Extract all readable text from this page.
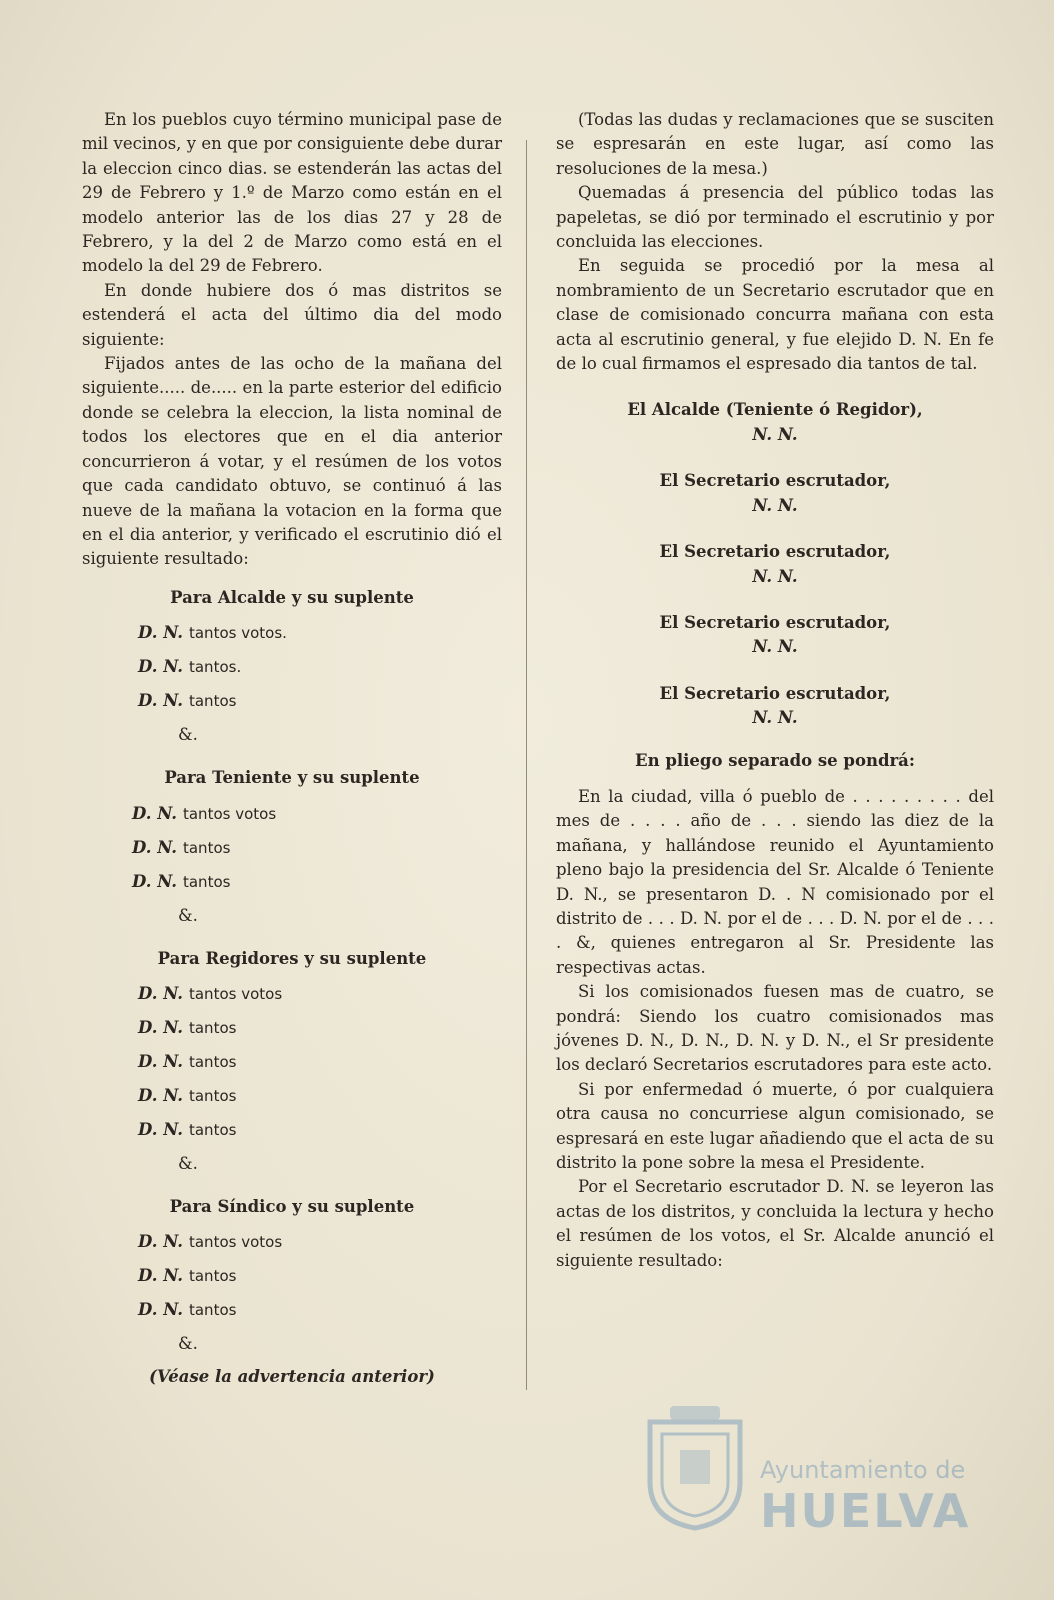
En los pueblos cuyo término municipal pase de mil vecinos, y en que por consiguiente debe durar la eleccion cinco dias. se estenderán las actas del 29 de Febrero y 1.º de Marzo como están en el modelo anterior las de los dias 27 y 28 de Febrero, y la del 2 de Marzo como está en el modelo la del 29 de Febrero.

En donde hubiere dos ó mas distritos se estenderá el acta del último dia del modo siguiente:

Fijados antes de las ocho de la mañana del siguiente..... de..... en la parte esterior del edificio donde se celebra la eleccion, la lista nominal de todos los electores que en el dia anterior concurrieron á votar, y el resúmen de los votos que cada candidato obtuvo, se continuó á las nueve de la mañana la votacion en la forma que en el dia anterior, y verificado el escrutinio dió el siguiente resultado:

Para Alcalde y su suplente
D. N. tantos votos.
D. N. tantos.
D. N. tantos
&.
Para Teniente y su suplente
D. N. tantos votos
D. N. tantos
D. N. tantos
&.
Para Regidores y su suplente
D. N. tantos votos
D. N. tantos
D. N. tantos
D. N. tantos
D. N. tantos
&.
Para Síndico y su suplente
D. N. tantos votos
D. N. tantos
D. N. tantos
&.

(Véase la advertencia anterior)

(Todas las dudas y reclamaciones que se susciten se espresarán en este lugar, así como las resoluciones de la mesa.)

Quemadas á presencia del público todas las papeletas, se dió por terminado el escrutinio y por concluida las elecciones.

En seguida se procedió por la mesa al nombramiento de un Secretario escrutador que en clase de comisionado concurra mañana con esta acta al escrutinio general, y fue elejido D. N. En fe de lo cual firmamos el espresado dia tantos de tal.

El Alcalde (Teniente ó Regidor),

N. N.

El Secretario escrutador,

N. N.

El Secretario escrutador,

N. N.

El Secretario escrutador,

N. N.

El Secretario escrutador,

N. N.

En pliego separado se pondrá:

En la ciudad, villa ó pueblo de . . . . . . . . . del mes de . . . . año de . . . siendo las diez de la mañana, y hallándose reunido el Ayuntamiento pleno bajo la presidencia del Sr. Alcalde ó Teniente D. N., se presentaron D. . N comisionado por el distrito de . . . D. N. por el de . . . D. N. por el de . . . . &, quienes entregaron al Sr. Presidente las respectivas actas.

Si los comisionados fuesen mas de cuatro, se pondrá: Siendo los cuatro comisionados mas jóvenes D. N., D. N., D. N. y D. N., el Sr presidente los declaró Secretarios escrutadores para este acto.

Si por enfermedad ó muerte, ó por cualquiera otra causa no concurriese algun comisionado, se espresará en este lugar añadiendo que el acta de su distrito la pone sobre la mesa el Presidente.

Por el Secretario escrutador D. N. se leyeron las actas de los distritos, y concluida la lectura y hecho el resúmen de los votos, el Sr. Alcalde anunció el siguiente resultado:

Ayuntamiento de
HUELVA
